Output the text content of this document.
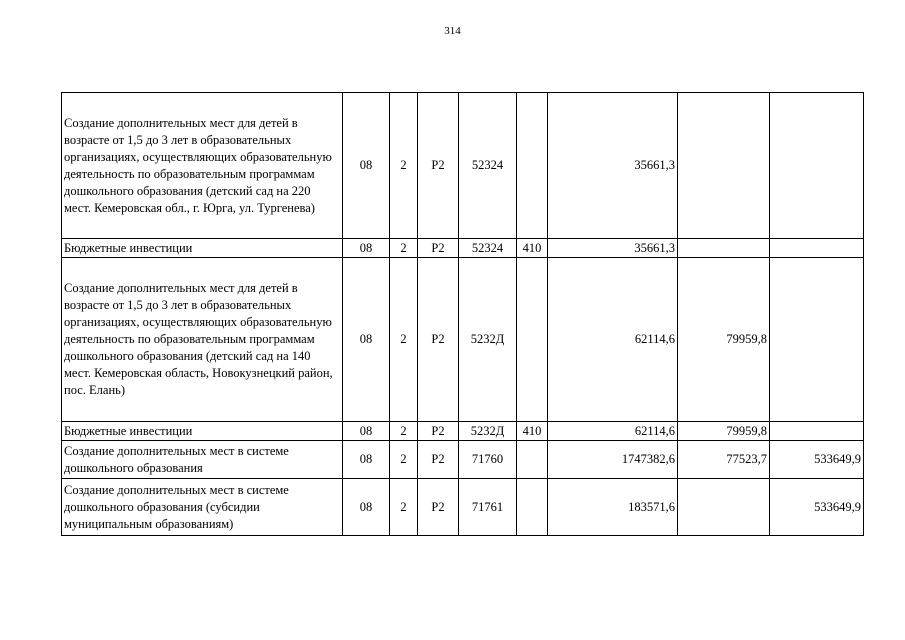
314
Создание дополнительных мест для детей в возрасте от 1,5 до 3 лет в образовательных организациях, осуществляющих образовательную деятельность по образовательным программам дошкольного образования (детский сад на 220 мест. Кемеровская обл., г. Юрга, ул. Тургенева)	08	2	P2	52324		35661,3		
Бюджетные инвестиции	08	2	P2	52324	410	35661,3		
Создание дополнительных мест для детей в возрасте от 1,5 до 3 лет в образовательных организациях, осуществляющих образовательную деятельность по образовательным программам дошкольного образования (детский сад на 140 мест. Кемеровская область, Новокузнецкий район, пос. Елань)	08	2	P2	5232Д		62114,6	79959,8	
Бюджетные инвестиции	08	2	P2	5232Д	410	62114,6	79959,8	
Создание дополнительных мест в системе дошкольного образования	08	2	P2	71760		1747382,6	77523,7	533649,9
Создание дополнительных мест в системе дошкольного образования (субсидии муниципальным образованиям)	08	2	P2	71761		183571,6		533649,9
